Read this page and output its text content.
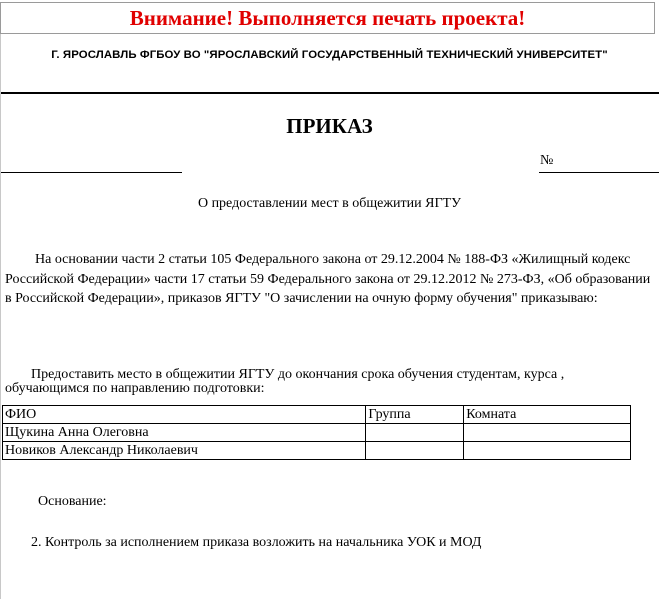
Внимание! Выполняется печать проекта!
Г. ЯРОСЛАВЛЬ ФГБОУ ВО "ЯРОСЛАВСКИЙ ГОСУДАРСТВЕННЫЙ ТЕХНИЧЕСКИЙ УНИВЕРСИТЕТ"
ПРИКАЗ
№
О предоставлении мест в общежитии ЯГТУ

На основании части 2 статьи 105 Федерального закона от 29.12.2004 № 188-ФЗ «Жилищный кодекс Российской Федерации» части 17 статьи 59 Федерального закона от 29.12.2012 № 273-ФЗ, «Об образовании в Российской Федерации», приказов ЯГТУ "О зачислении на очную форму обучения" приказываю:

Предоставить место в общежитии ЯГТУ до окончания срока обучения студентам, курса ,
обучающимся по направлению подготовки:
ФИО	Группа	Комната
Щукина Анна Олеговна		
Новиков Александр Николаевич		
Основание:
2. Контроль за исполнением приказа возложить на начальника УОК и МОД
